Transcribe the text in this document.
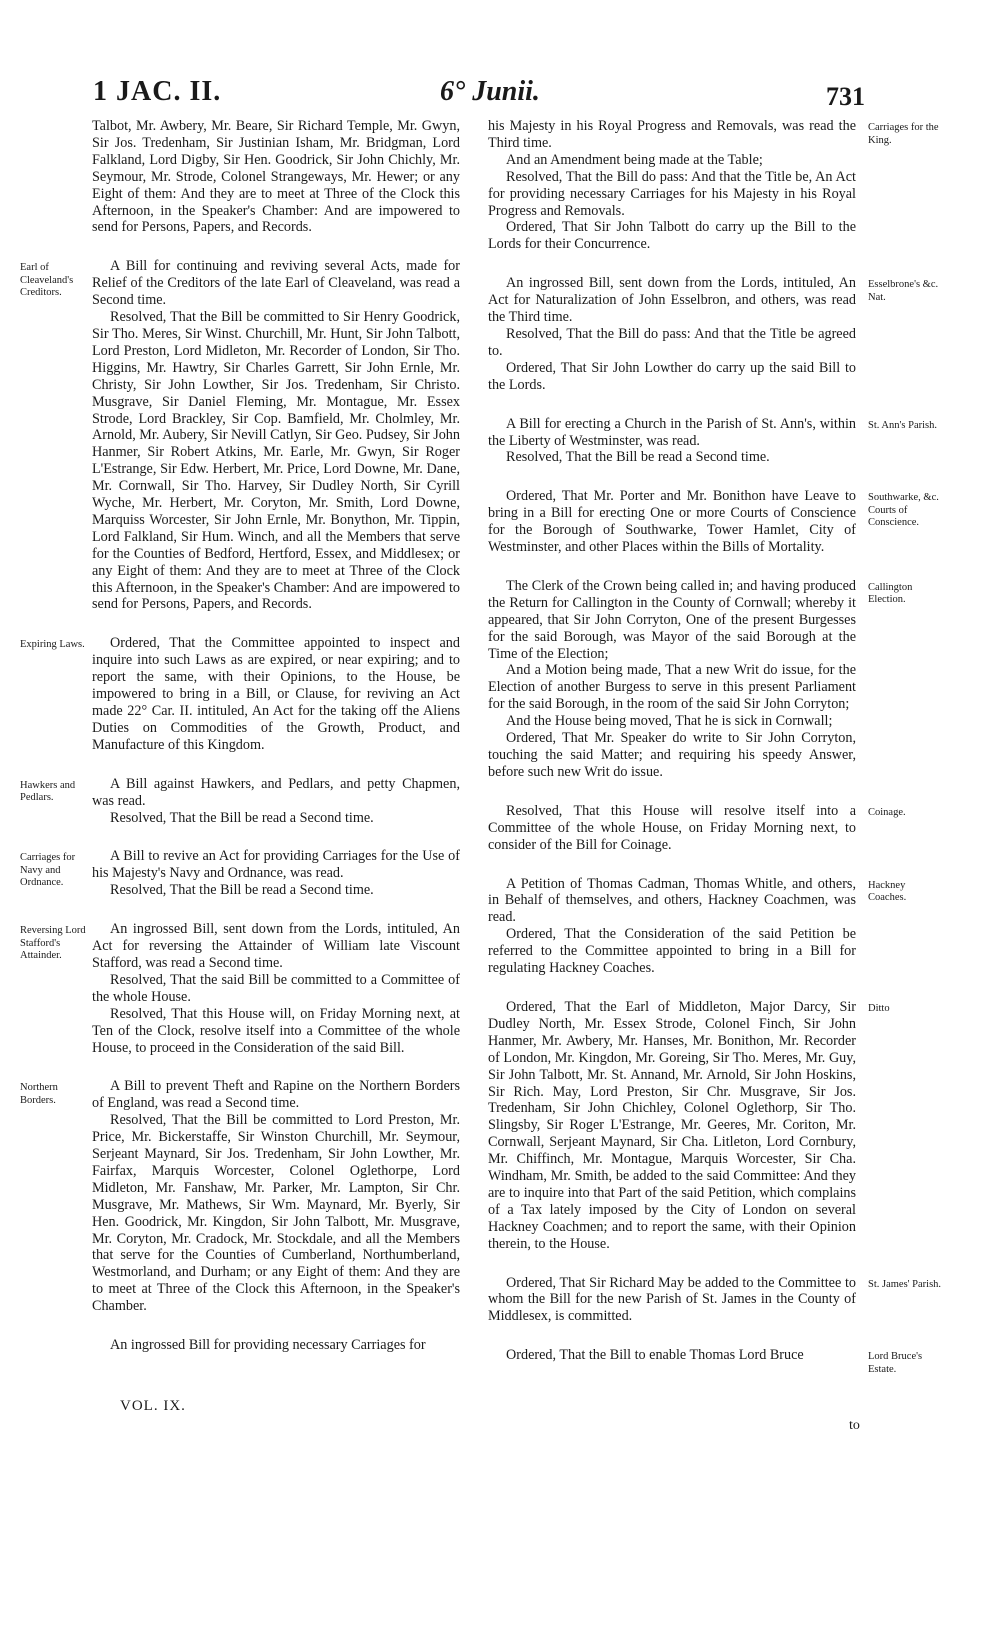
1 JAC. II.	6° Junii.	731

Talbot, Mr. Awbery, Mr. Beare, Sir Richard Temple, Mr. Gwyn, Sir Jos. Tredenham, Sir Justinian Isham, Mr. Bridgman, Lord Falkland, Lord Digby, Sir Hen. Goodrick, Sir John Chichly, Mr. Seymour, Mr. Strode, Colonel Strangeways, Mr. Hewer; or any Eight of them: And they are to meet at Three of the Clock this Afternoon, in the Speaker's Chamber: And are impowered to send for Persons, Papers, and Records.

Earl of Cleaveland's Creditors.

A Bill for continuing and reviving several Acts, made for Relief of the Creditors of the late Earl of Cleaveland, was read a Second time.

Resolved, That the Bill be committed to Sir Henry Goodrick, Sir Tho. Meres, Sir Winst. Churchill, Mr. Hunt, Sir John Talbott, Lord Preston, Lord Midleton, Mr. Recorder of London, Sir Tho. Higgins, Mr. Hawtry, Sir Charles Garrett, Sir John Ernle, Mr. Christy, Sir John Lowther, Sir Jos. Tredenham, Sir Christo. Musgrave, Sir Daniel Fleming, Mr. Montague, Mr. Essex Strode, Lord Brackley, Sir Cop. Bamfield, Mr. Cholmley, Mr. Arnold, Mr. Aubery, Sir Nevill Catlyn, Sir Geo. Pudsey, Sir John Hanmer, Sir Robert Atkins, Mr. Earle, Mr. Gwyn, Sir Roger L'Estrange, Sir Edw. Herbert, Mr. Price, Lord Downe, Mr. Dane, Mr. Cornwall, Sir Tho. Harvey, Sir Dudley North, Sir Cyrill Wyche, Mr. Herbert, Mr. Coryton, Mr. Smith, Lord Downe, Marquiss Worcester, Sir John Ernle, Mr. Bonython, Mr. Tippin, Lord Falkland, Sir Hum. Winch, and all the Members that serve for the Counties of Bedford, Hertford, Essex, and Middlesex; or any Eight of them: And they are to meet at Three of the Clock this Afternoon, in the Speaker's Chamber: And are impowered to send for Persons, Papers, and Records.

Expiring Laws.	Ordered, That the Committee appointed to inspect and inquire into such Laws as are expired, or near expiring; and to report the same, with their Opinions, to the House, be impowered to bring in a Bill, or Clause, for reviving an Act made 22° Car. II. intituled, An Act for the taking off the Aliens Duties on Commodities of the Growth, Product, and Manufacture of this Kingdom.

Hawkers and Pedlars.

A Bill against Hawkers, and Pedlars, and petty Chapmen, was read.

Resolved, That the Bill be read a Second time.

Carriages for Navy and Ordnance.

A Bill to revive an Act for providing Carriages for the Use of his Majesty's Navy and Ordnance, was read.

Resolved, That the Bill be read a Second time.

Reversing Lord Stafford's Attainder.

An ingrossed Bill, sent down from the Lords, intituled, An Act for reversing the Attainder of William late Viscount Stafford, was read a Second time.

Resolved, That the said Bill be committed to a Committee of the whole House.

Resolved, That this House will, on Friday Morning next, at Ten of the Clock, resolve itself into a Committee of the whole House, to proceed in the Consideration of the said Bill.

Northern Borders.

A Bill to prevent Theft and Rapine on the Northern Borders of England, was read a Second time.

Resolved, That the Bill be committed to Lord Preston, Mr. Price, Mr. Bickerstaffe, Sir Winston Churchill, Mr. Seymour, Serjeant Maynard, Sir Jos. Tredenham, Sir John Lowther, Mr. Fairfax, Marquis Worcester, Colonel Oglethorpe, Lord Midleton, Mr. Fanshaw, Mr. Parker, Mr. Lampton, Sir Chr. Musgrave, Mr. Mathews, Sir Wm. Maynard, Mr. Byerly, Sir Hen. Goodrick, Mr. Kingdon, Sir John Talbott, Mr. Musgrave, Mr. Coryton, Mr. Cradock, Mr. Stockdale, and all the Members that serve for the Counties of Cumberland, Northumberland, Westmorland, and Durham; or any Eight of them: And they are to meet at Three of the Clock this Afternoon, in the Speaker's Chamber.

An ingrossed Bill for providing necessary Carriages for

Carriages for the King.

his Majesty in his Royal Progress and Removals, was read the Third time.

And an Amendment being made at the Table;

Resolved, That the Bill do pass: And that the Title be, An Act for providing necessary Carriages for his Majesty in his Royal Progress and Removals.

Ordered, That Sir John Talbott do carry up the Bill to the Lords for their Concurrence.

Esselbrone's &c. Nat.

An ingrossed Bill, sent down from the Lords, intituled, An Act for Naturalization of John Esselbron, and others, was read the Third time.

Resolved, That the Bill do pass: And that the Title be agreed to.

Ordered, That Sir John Lowther do carry up the said Bill to the Lords.

St. Ann's Parish.

A Bill for erecting a Church in the Parish of St. Ann's, within the Liberty of Westminster, was read.

Resolved, That the Bill be read a Second time.

Southwarke, &c. Courts of Conscience.

Ordered, That Mr. Porter and Mr. Bonithon have Leave to bring in a Bill for erecting One or more Courts of Conscience for the Borough of Southwarke, Tower Hamlet, City of Westminster, and other Places within the Bills of Mortality.

Callington Election.

The Clerk of the Crown being called in; and having produced the Return for Callington in the County of Cornwall; whereby it appeared, that Sir John Corryton, One of the present Burgesses for the said Borough, was Mayor of the said Borough at the Time of the Election;

And a Motion being made, That a new Writ do issue, for the Election of another Burgess to serve in this present Parliament for the said Borough, in the room of the said Sir John Corryton;

And the House being moved, That he is sick in Cornwall;

Ordered, That Mr. Speaker do write to Sir John Corryton, touching the said Matter; and requiring his speedy Answer, before such new Writ do issue.

Coinage.

Resolved, That this House will resolve itself into a Committee of the whole House, on Friday Morning next, to consider of the Bill for Coinage.

Hackney Coaches.

A Petition of Thomas Cadman, Thomas Whitle, and others, in Behalf of themselves, and others, Hackney Coachmen, was read.

Ordered, That the Consideration of the said Petition be referred to the Committee appointed to bring in a Bill for regulating Hackney Coaches.

Ditto

Ordered, That the Earl of Middleton, Major Darcy, Sir Dudley North, Mr. Essex Strode, Colonel Finch, Sir John Hanmer, Mr. Awbery, Mr. Hanses, Mr. Bonithon, Mr. Recorder of London, Mr. Kingdon, Mr. Goreing, Sir Tho. Meres, Mr. Guy, Sir John Talbott, Mr. St. Annand, Mr. Arnold, Sir John Hoskins, Sir Rich. May, Lord Preston, Sir Chr. Musgrave, Sir Jos. Tredenham, Sir John Chichley, Colonel Oglethorp, Sir Tho. Slingsby, Sir Roger L'Estrange, Mr. Geeres, Mr. Coriton, Mr. Cornwall, Serjeant Maynard, Sir Cha. Litleton, Lord Cornbury, Mr. Chiffinch, Mr. Montague, Marquis Worcester, Sir Cha. Windham, Mr. Smith, be added to the said Committee: And they are to inquire into that Part of the said Petition, which complains of a Tax lately imposed by the City of London on several Hackney Coachmen; and to report the same, with their Opinion therein, to the House.

St. James' Parish.

Ordered, That Sir Richard May be added to the Committee to whom the Bill for the new Parish of St. James in the County of Middlesex, is committed.

Lord Bruce's Estate.

Ordered, That the Bill to enable Thomas Lord Bruce

VOL. IX.
to
